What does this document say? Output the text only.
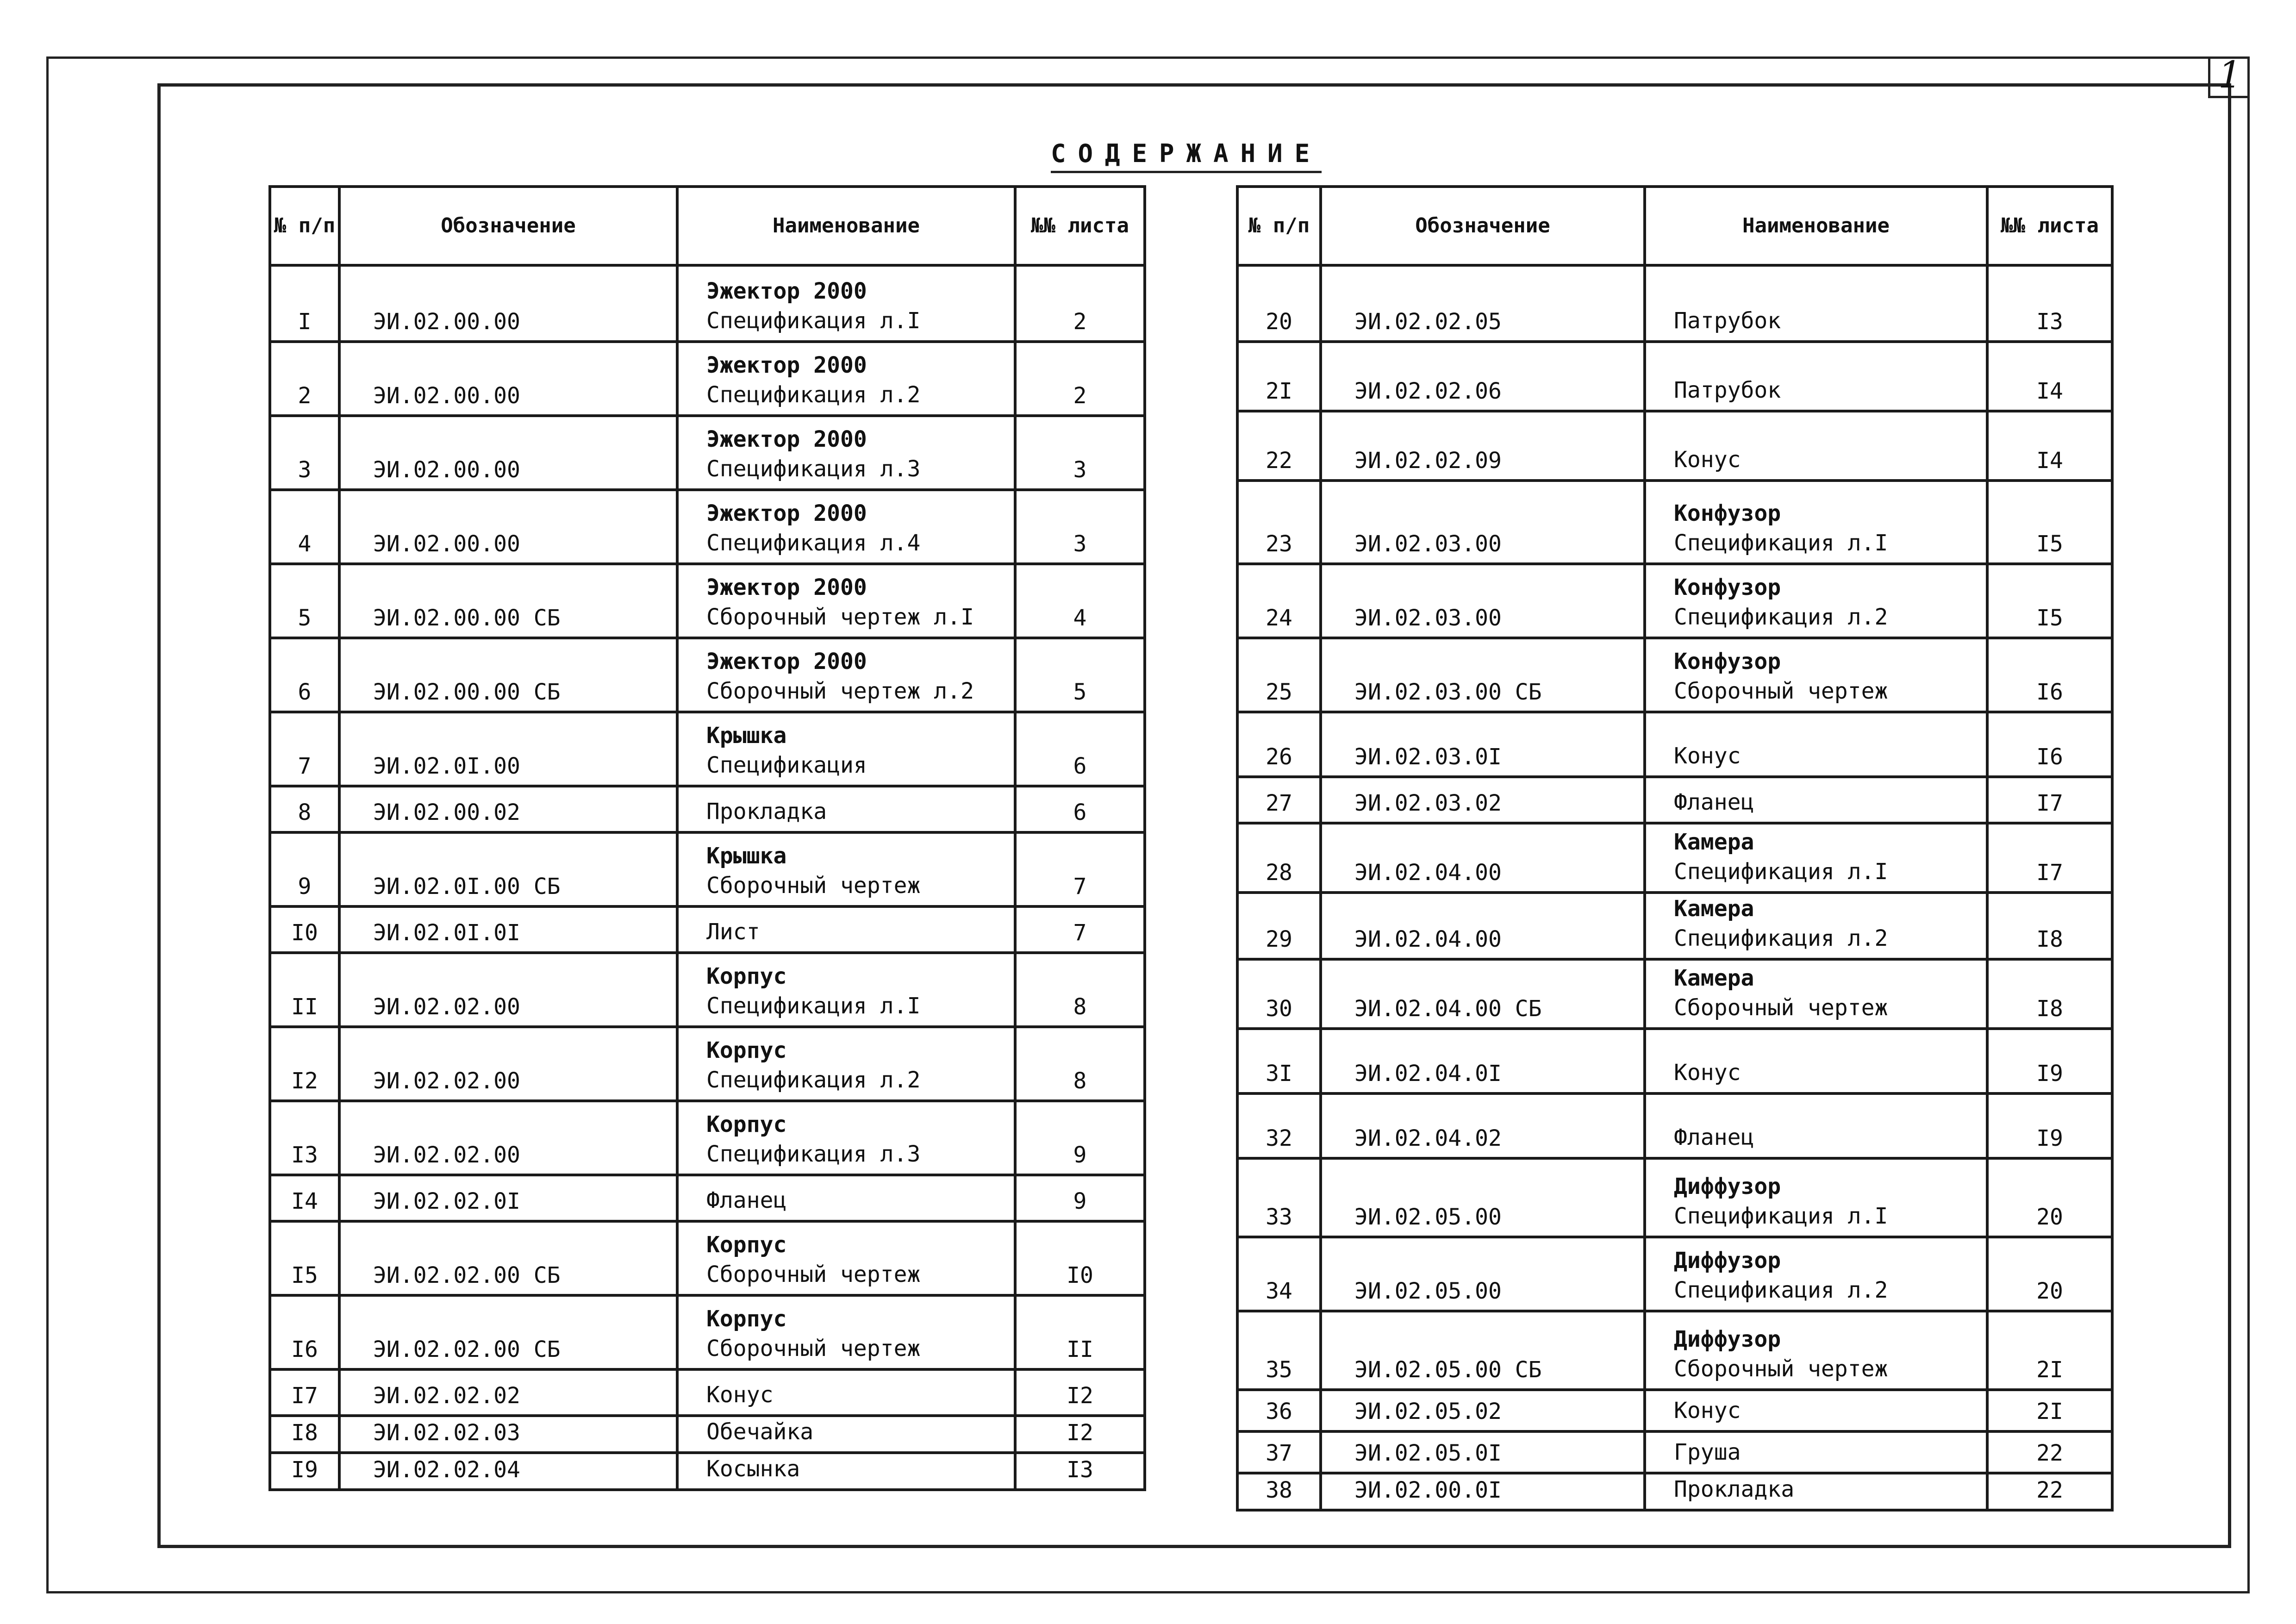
1
СОДЕРЖАНИЕ
№ п/п	Обозначение	Наименование	№№ листа
I	ЭИ.02.00.00	Эжектор 2000
Спецификация л.I	2
2	ЭИ.02.00.00	Эжектор 2000
Спецификация л.2	2
3	ЭИ.02.00.00	Эжектор 2000
Спецификация л.3	3
4	ЭИ.02.00.00	Эжектор 2000
Спецификация л.4	3
5	ЭИ.02.00.00 СБ	Эжектор 2000
Сборочный чертеж л.I	4
6	ЭИ.02.00.00 СБ	Эжектор 2000
Сборочный чертеж л.2	5
7	ЭИ.02.0I.00	Крышка
Спецификация	6
8	ЭИ.02.00.02	Прокладка	6
9	ЭИ.02.0I.00 СБ	Крышка
Сборочный чертеж	7
I0	ЭИ.02.0I.0I	Лист	7
II	ЭИ.02.02.00	Корпус
Спецификация л.I	8
I2	ЭИ.02.02.00	Корпус
Спецификация л.2	8
I3	ЭИ.02.02.00	Корпус
Спецификация л.3	9
I4	ЭИ.02.02.0I	Фланец	9
I5	ЭИ.02.02.00 СБ	Корпус
Сборочный чертеж	I0
I6	ЭИ.02.02.00 СБ	Корпус
Сборочный чертеж	II
I7	ЭИ.02.02.02	Конус	I2
I8	ЭИ.02.02.03	Обечайка	I2
I9	ЭИ.02.02.04	Косынка	I3
№ п/п	Обозначение	Наименование	№№ листа
20	ЭИ.02.02.05	Патрубок	I3
2I	ЭИ.02.02.06	Патрубок	I4
22	ЭИ.02.02.09	Конус	I4
23	ЭИ.02.03.00	Конфузор
Спецификация л.I	I5
24	ЭИ.02.03.00	Конфузор
Спецификация л.2	I5
25	ЭИ.02.03.00 СБ	Конфузор
Сборочный чертеж	I6
26	ЭИ.02.03.0I	Конус	I6
27	ЭИ.02.03.02	Фланец	I7
28	ЭИ.02.04.00	Камера
Спецификация л.I	I7
29	ЭИ.02.04.00	Камера
Спецификация л.2	I8
30	ЭИ.02.04.00 СБ	Камера
Сборочный чертеж	I8
3I	ЭИ.02.04.0I	Конус	I9
32	ЭИ.02.04.02	Фланец	I9
33	ЭИ.02.05.00	Диффузор
Спецификация л.I	20
34	ЭИ.02.05.00	Диффузор
Спецификация л.2	20
35	ЭИ.02.05.00 СБ	Диффузор
Сборочный чертеж	2I
36	ЭИ.02.05.02	Конус	2I
37	ЭИ.02.05.0I	Груша	22
38	ЭИ.02.00.0I	Прокладка	22
